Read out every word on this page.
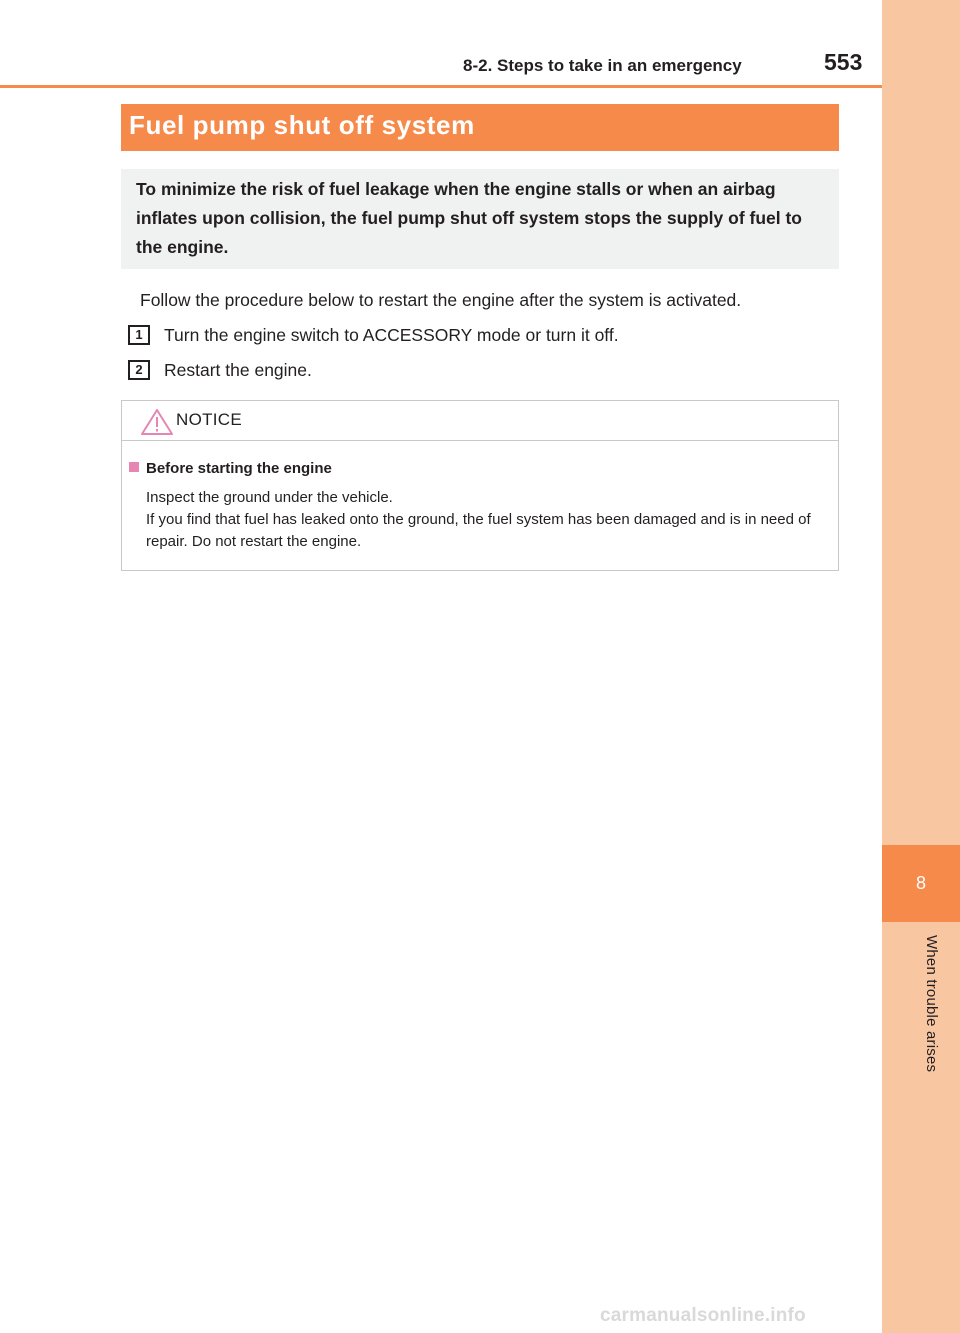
8
When trouble arises
8-2. Steps to take in an emergency	553
Fuel pump shut off system
To minimize the risk of fuel leakage when the engine stalls or when an airbag inflates upon collision, the fuel pump shut off system stops the supply of fuel to the engine.
Follow the procedure below to restart the engine after the system is activated.
1	Turn the engine switch to ACCESSORY mode or turn it off.
2	Restart the engine.
NOTICE
Before starting the engine

Inspect the ground under the vehicle.

If you find that fuel has leaked onto the ground, the fuel system has been damaged and is in need of repair. Do not restart the engine.

carmanualsonline.info
